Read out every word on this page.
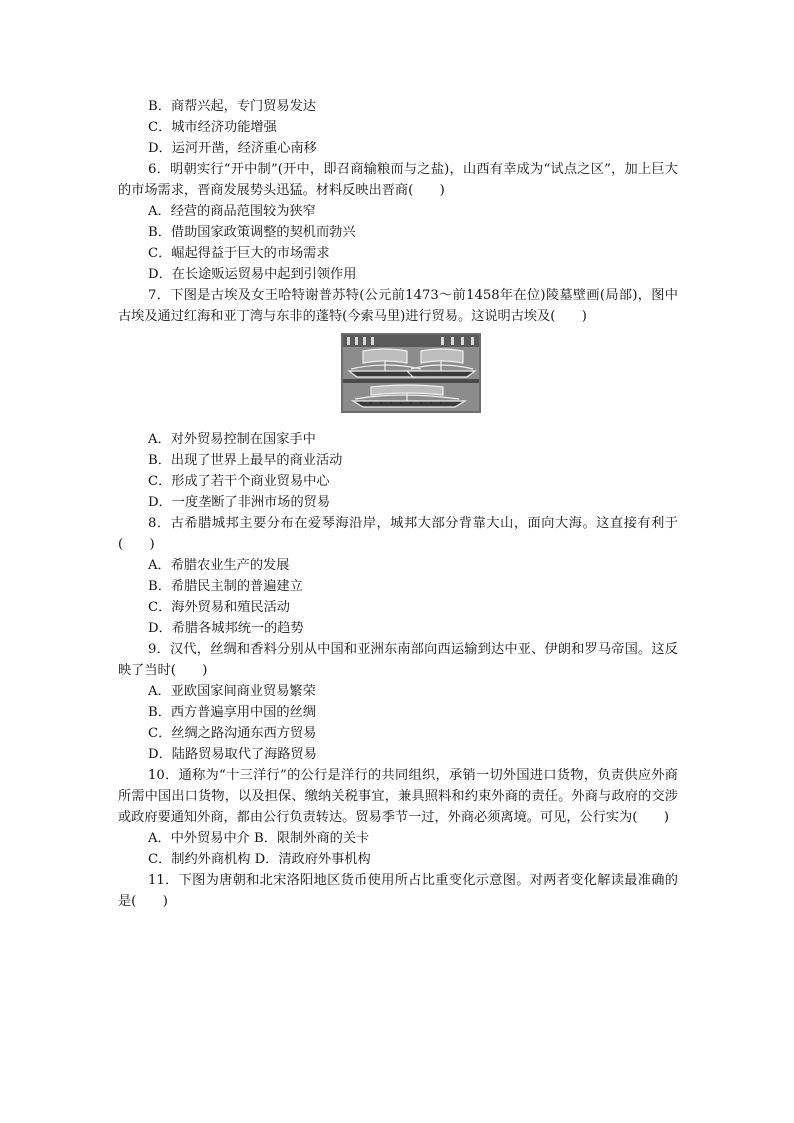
B．商帮兴起，专门贸易发达
C．城市经济功能增强
D．运河开凿，经济重心南移
6．明朝实行“开中制”(开中，即召商输粮而与之盐)，山西有幸成为“试点之区”，加上巨大的市场需求，晋商发展势头迅猛。材料反映出晋商(　　)
A．经营的商品范围较为狭窄
B．借助国家政策调整的契机而勃兴
C．崛起得益于巨大的市场需求
D．在长途贩运贸易中起到引领作用
7．下图是古埃及女王哈特谢普苏特(公元前1473～前1458年在位)陵墓壁画(局部)，图中古埃及通过红海和亚丁湾与东非的蓬特(今索马里)进行贸易。这说明古埃及(　　)
A．对外贸易控制在国家手中
B．出现了世界上最早的商业活动
C．形成了若干个商业贸易中心
D．一度垄断了非洲市场的贸易
8．古希腊城邦主要分布在爱琴海沿岸，城邦大部分背靠大山，面向大海。这直接有利于(　　)
A．希腊农业生产的发展
B．希腊民主制的普遍建立
C．海外贸易和殖民活动
D．希腊各城邦统一的趋势
9．汉代，丝绸和香料分别从中国和亚洲东南部向西运输到达中亚、伊朗和罗马帝国。这反映了当时(　　)
A．亚欧国家间商业贸易繁荣
B．西方普遍享用中国的丝绸
C．丝绸之路沟通东西方贸易
D．陆路贸易取代了海路贸易
10．通称为“十三洋行”的公行是洋行的共同组织，承销一切外国进口货物，负责供应外商所需中国出口货物，以及担保、缴纳关税事宜，兼具照料和约束外商的责任。外商与政府的交涉或政府要通知外商，都由公行负责转达。贸易季节一过，外商必须离境。可见，公行实为(　　)
A．中外贸易中介 B．限制外商的关卡
C．制约外商机构 D．清政府外事机构
11．下图为唐朝和北宋洛阳地区货币使用所占比重变化示意图。对两者变化解读最准确的是(　　)
